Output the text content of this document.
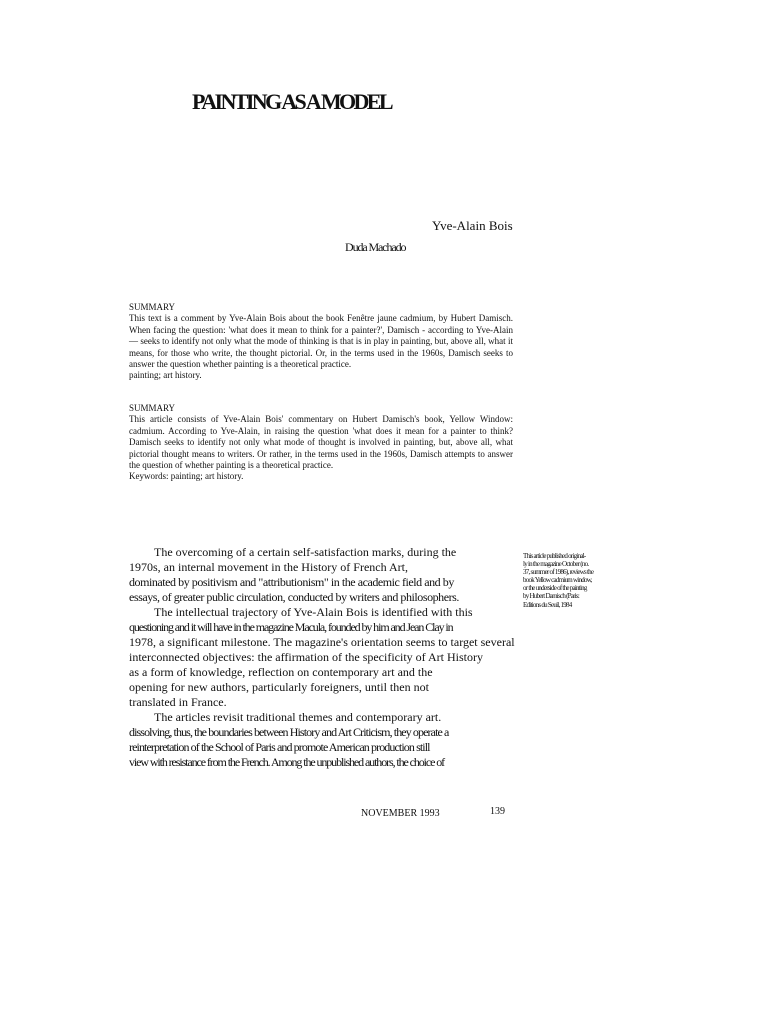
PAINTING AS A MODEL
Yve-Alain Bois
Duda Machado

SUMMARY

This text is a comment by Yve-Alain Bois about the book Fenêtre jaune cadmium, by Hubert Damisch. When facing the question: 'what does it mean to think for a painter?', Damisch - according to Yve-Alain — seeks to identify not only what the mode of thinking is that is in play in painting, but, above all, what it means, for those who write, the thought pictorial. Or, in the terms used in the 1960s, Damisch seeks to answer the question whether painting is a theoretical practice.

painting; art history.

SUMMARY

This article consists of Yve-Alain Bois' commentary on Hubert Damisch's book, Yellow Window: cadmium. According to Yve-Alain, in raising the question 'what does it mean for a painter to think? Damisch seeks to identify not only what mode of thought is involved in painting, but, above all, what pictorial thought means to writers. Or rather, in the terms used in the 1960s, Damisch attempts to answer the question of whether painting is a theoretical practice.

Keywords: painting; art history.

The overcoming of a certain self-satisfaction marks, during the
1970s, an internal movement in the History of French Art,
dominated by positivism and "attributionism" in the academic field and by
essays, of greater public circulation, conducted by writers and philosophers.
The intellectual trajectory of Yve-Alain Bois is identified with this
questioning and it will have in the magazine Macula, founded by him and Jean Clay in
1978, a significant milestone. The magazine's orientation seems to target several
interconnected objectives: the affirmation of the specificity of Art History
as a form of knowledge, reflection on contemporary art and the
opening for new authors, particularly foreigners, until then not
translated in France.
The articles revisit traditional themes and contemporary art.
dissolving, thus, the boundaries between History and Art Criticism, they operate a
reinterpretation of the School of Paris and promote American production still
view with resistance from the French. Among the unpublished authors, the choice of
This article published original-
ly in the magazine October (no.
37, summer of 1986), reviews the
book Yellow cadmium window,
or the underside of the painting
by Hubert Damisch (Paris:
Editions du Seuil, 1984
NOVEMBER 1993	139
